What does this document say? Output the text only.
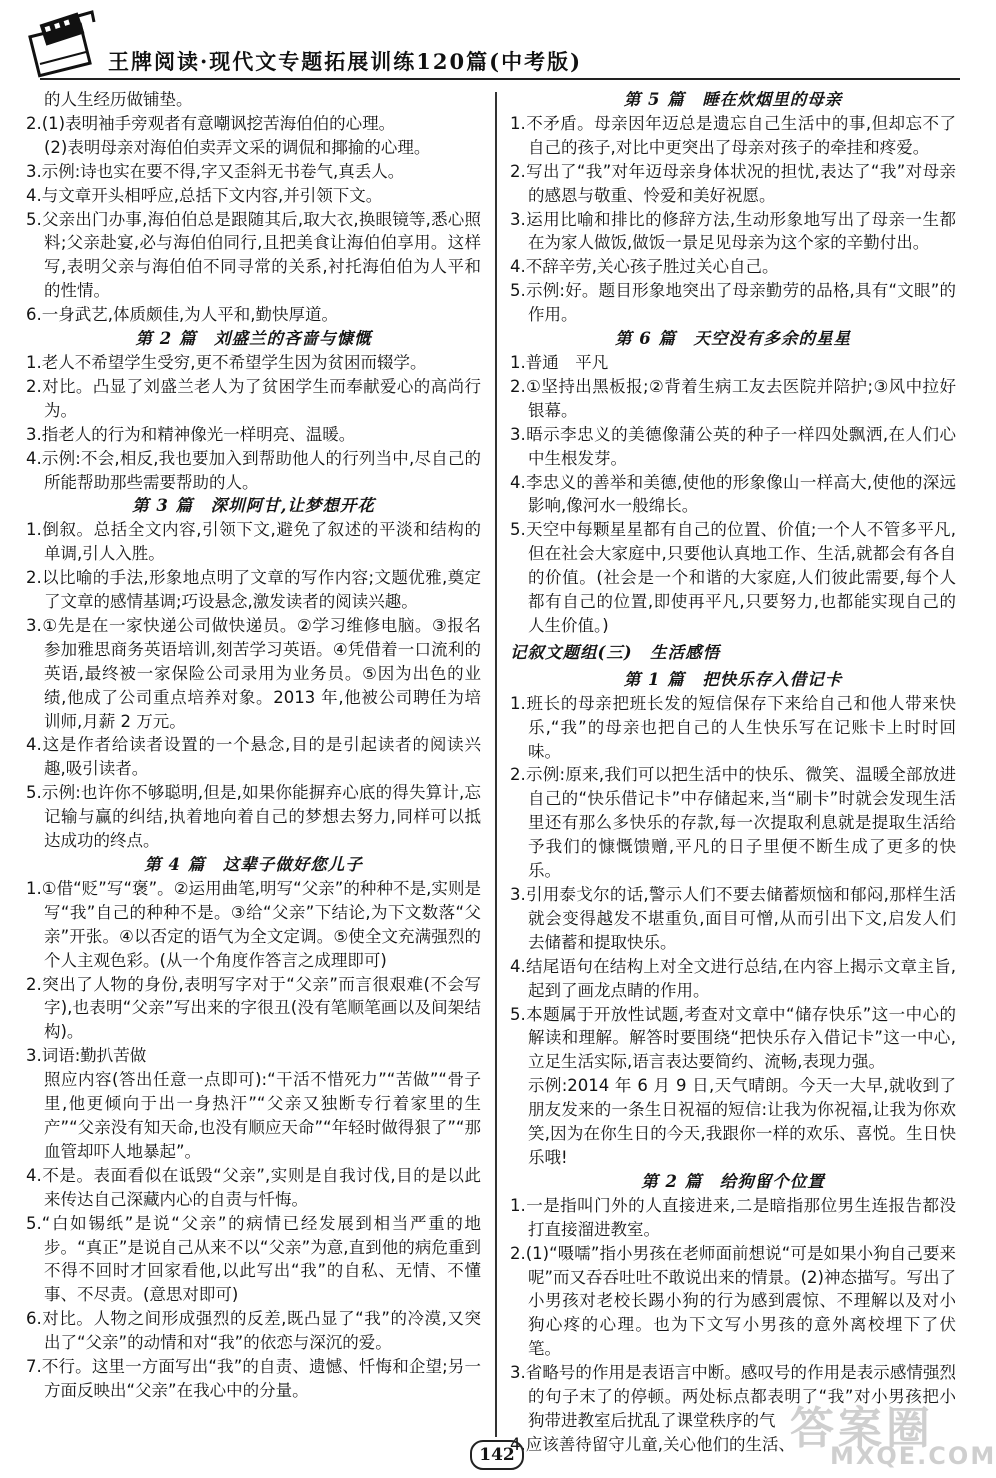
王牌阅读·现代文专题拓展训练120篇(中考版)

的人生经历做铺垫。

2.(1)表明袖手旁观者有意嘲讽挖苦海伯伯的心理。

(2)表明母亲对海伯伯卖弄文采的调侃和揶揄的心理。

3.示例:诗也实在要不得,字又歪斜无书卷气,真丢人。

4.与文章开头相呼应,总括下文内容,并引领下文。

5.父亲出门办事,海伯伯总是跟随其后,取大衣,换眼镜等,悉心照料;父亲赴宴,必与海伯伯同行,且把美食让海伯伯享用。这样写,表明父亲与海伯伯不同寻常的关系,衬托海伯伯为人平和的性情。

6.一身武艺,体质颇佳,为人平和,勤快厚道。

第 2 篇　刘盛兰的吝啬与慷慨

1.老人不希望学生受穷,更不希望学生因为贫困而辍学。

2.对比。凸显了刘盛兰老人为了贫困学生而奉献爱心的高尚行为。

3.指老人的行为和精神像光一样明亮、温暖。

4.示例:不会,相反,我也要加入到帮助他人的行列当中,尽自己的所能帮助那些需要帮助的人。

第 3 篇　深圳阿甘,让梦想开花

1.倒叙。总括全文内容,引领下文,避免了叙述的平淡和结构的单调,引人入胜。

2.以比喻的手法,形象地点明了文章的写作内容;文题优雅,奠定了文章的感情基调;巧设悬念,激发读者的阅读兴趣。

3.①先是在一家快递公司做快递员。②学习维修电脑。③报名参加雅思商务英语培训,刻苦学习英语。④凭借着一口流利的英语,最终被一家保险公司录用为业务员。⑤因为出色的业绩,他成了公司重点培养对象。2013 年,他被公司聘任为培训师,月薪 2 万元。

4.这是作者给读者设置的一个悬念,目的是引起读者的阅读兴趣,吸引读者。

5.示例:也许你不够聪明,但是,如果你能摒弃心底的得失算计,忘记输与赢的纠结,执着地向着自己的梦想去努力,同样可以抵达成功的终点。

第 4 篇　这辈子做好您儿子

1.①借“贬”写“褒”。②运用曲笔,明写“父亲”的种种不是,实则是写“我”自己的种种不是。③给“父亲”下结论,为下文数落“父亲”开张。④以否定的语气为全文定调。⑤使全文充满强烈的个人主观色彩。(从一个角度作答言之成理即可)

2.突出了人物的身份,表明写字对于“父亲”而言很艰难(不会写字),也表明“父亲”写出来的字很丑(没有笔顺笔画以及间架结构)。

3.词语:勤扒苦做

照应内容(答出任意一点即可):“干活不惜死力”“苦做”“骨子里,他更倾向于出一身热汗”“父亲又独断专行着家里的生产”“父亲没有知天命,也没有顺应天命”“年轻时做得狠了”“那血管却吓人地暴起”。

4.不是。表面看似在诋毁“父亲”,实则是自我讨伐,目的是以此来传达自己深藏内心的自责与忏悔。

5.“白如锡纸”是说“父亲”的病情已经发展到相当严重的地步。“真正”是说自己从来不以“父亲”为意,直到他的病危重到不得不回时才回家看他,以此写出“我”的自私、无情、不懂事、不尽责。(意思对即可)

6.对比。人物之间形成强烈的反差,既凸显了“我”的冷漠,又突出了“父亲”的动情和对“我”的依恋与深沉的爱。

7.不行。这里一方面写出“我”的自责、遗憾、忏悔和企望;另一方面反映出“父亲”在我心中的分量。

第 5 篇　睡在炊烟里的母亲

1.不矛盾。母亲因年迈总是遗忘自己生活中的事,但却忘不了自己的孩子,对比中更突出了母亲对孩子的牵挂和疼爱。

2.写出了“我”对年迈母亲身体状况的担忧,表达了“我”对母亲的感恩与敬重、怜爱和美好祝愿。

3.运用比喻和排比的修辞方法,生动形象地写出了母亲一生都在为家人做饭,做饭一景足见母亲为这个家的辛勤付出。

4.不辞辛劳,关心孩子胜过关心自己。

5.示例:好。题目形象地突出了母亲勤劳的品格,具有“文眼”的作用。

第 6 篇　天空没有多余的星星

1.普通　平凡

2.①坚持出黑板报;②背着生病工友去医院并陪护;③风中拉好银幕。

3.晤示李忠义的美德像蒲公英的种子一样四处飘洒,在人们心中生根发芽。

4.李忠义的善举和美德,使他的形象像山一样高大,使他的深远影响,像河水一般绵长。

5.天空中每颗星星都有自己的位置、价值;一个人不管多平凡,但在社会大家庭中,只要他认真地工作、生活,就都会有各自的价值。(社会是一个和谐的大家庭,人们彼此需要,每个人都有自己的位置,即使再平凡,只要努力,也都能实现自己的人生价值。)

记叙文题组(三)　生活感悟

第 1 篇　把快乐存入借记卡

1.班长的母亲把班长发的短信保存下来给自己和他人带来快乐,“我”的母亲也把自己的人生快乐写在记账卡上时时回味。

2.示例:原来,我们可以把生活中的快乐、微笑、温暖全部放进自己的“快乐借记卡”中存储起来,当“刷卡”时就会发现生活里还有那么多快乐的存款,每一次提取利息就是提取生活给予我们的慷慨馈赠,平凡的日子里便不断生成了更多的快乐。

3.引用泰戈尔的话,警示人们不要去储蓄烦恼和郁闷,那样生活就会变得越发不堪重负,面目可憎,从而引出下文,启发人们去储蓄和提取快乐。

4.结尾语句在结构上对全文进行总结,在内容上揭示文章主旨,起到了画龙点睛的作用。

5.本题属于开放性试题,考查对文章中“储存快乐”这一中心的解读和理解。解答时要围绕“把快乐存入借记卡”这一中心,立足生活实际,语言表达要简约、流畅,表现力强。

示例:2014 年 6 月 9 日,天气晴朗。今天一大早,就收到了朋友发来的一条生日祝福的短信:让我为你祝福,让我为你欢笑,因为在你生日的今天,我跟你一样的欢乐、喜悦。生日快乐哦!

第 2 篇　给狗留个位置

1.一是指叫门外的人直接进来,二是暗指那位男生连报告都没打直接溜进教室。

2.(1)“嗫嚅”指小男孩在老师面前想说“可是如果小狗自己要来呢”而又吞吞吐吐不敢说出来的情景。(2)神态描写。写出了小男孩对老校长踢小狗的行为感到震惊、不理解以及对小狗心疼的心理。也为下文写小男孩的意外离校埋下了伏笔。

3.省略号的作用是表语言中断。感叹号的作用是表示感情强烈的句子末了的停顿。两处标点都表明了“我”对小男孩把小狗带进教室后扰乱了课堂秩序的气

4.应该善待留守儿童,关心他们的生活、

142
答案圈
MXQE.COM
